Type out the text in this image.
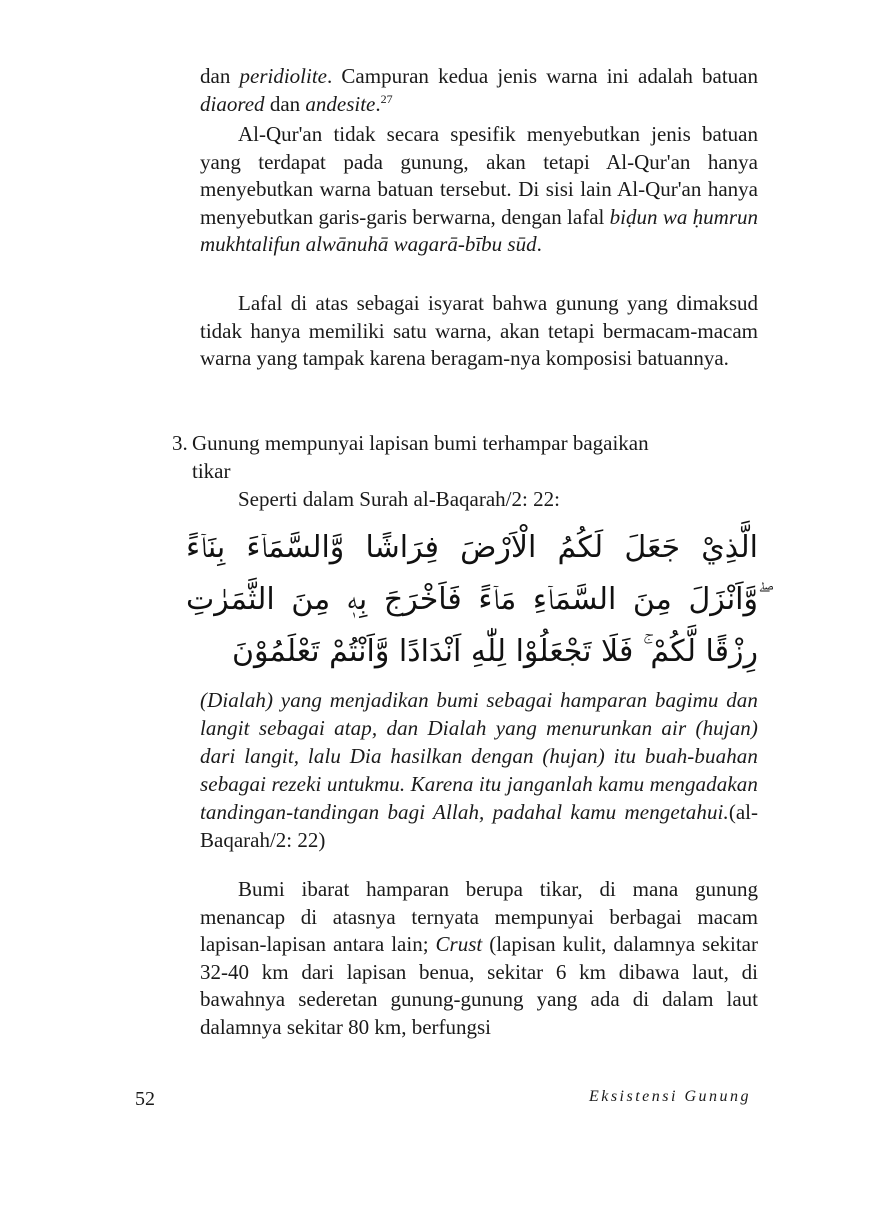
dan peridiolite. Campuran kedua jenis warna ini adalah batuan diaored dan andesite.$^{27}$

Al-Qur'an tidak secara spesifik menyebutkan jenis batuan yang terdapat pada gunung, akan tetapi Al-Qur'an hanya menyebutkan warna batuan tersebut. Di sisi lain Al-Qur'an hanya menyebutkan garis-garis berwarna, dengan lafal biḍun wa ḥumrun mukhtalifun alwānuhā wagarā-bību sūd.

Lafal di atas sebagai isyarat bahwa gunung yang dimaksud tidak hanya memiliki satu warna, akan tetapi bermacam-macam warna yang tampak karena beragam-nya komposisi batuannya.

3. Gunung mempunyai lapisan bumi terhampar bagaikan
tikar

Seperti dalam Surah al-Baqarah/2: 22:

الَّذِيْ جَعَلَ لَكُمُ الْاَرْضَ فِرَاشًا وَّالسَّمَاۤءَ بِنَاۤءً ۖوَّاَنْزَلَ مِنَ السَّمَاۤءِ مَاۤءً فَاَخْرَجَ بِهٖ مِنَ الثَّمَرٰتِ رِزْقًا لَّكُمْ ۚ فَلَا تَجْعَلُوْا لِلّٰهِ اَنْدَادًا وَّاَنْتُمْ تَعْلَمُوْنَ

(Dialah) yang menjadikan bumi sebagai hamparan bagimu dan langit sebagai atap, dan Dialah yang menurunkan air (hujan) dari langit, lalu Dia hasilkan dengan (hujan) itu buah-buahan sebagai rezeki untukmu. Karena itu janganlah kamu mengadakan tandingan-tandingan bagi Allah, padahal kamu mengetahui.(al-Baqarah/2: 22)

Bumi ibarat hamparan berupa tikar, di mana gunung menancap di atasnya ternyata mempunyai berbagai macam lapisan-lapisan antara lain; Crust (lapisan kulit, dalamnya sekitar 32-40 km dari lapisan benua, sekitar 6 km dibawa laut, di bawahnya sederetan gunung-gunung yang ada di dalam laut dalamnya sekitar 80 km, berfungsi

52	Eksistensi Gunung
